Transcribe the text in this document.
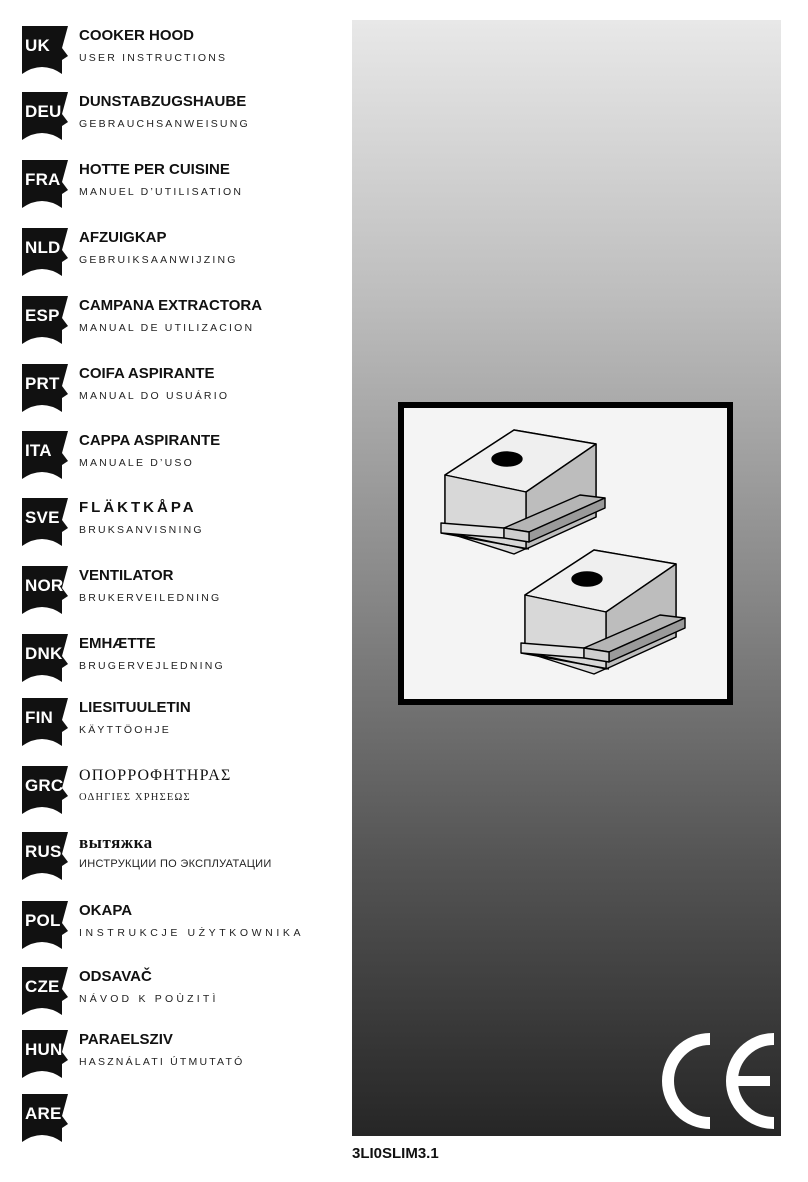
UK
COOKER HOOD
USER INSTRUCTIONS
DEU
DUNSTABZUGSHAUBE
GEBRAUCHSANWEISUNG
FRA
HOTTE PER CUISINE
MANUEL D’UTILISATION
NLD
AFZUIGKAP
GEBRUIKSAANWIJZING
ESP
CAMPANA EXTRACTORA
MANUAL DE UTILIZACION
PRT
COIFA ASPIRANTE
MANUAL DO USUÁRIO
ITA
CAPPA ASPIRANTE
MANUALE D’USO
SVE
FLÄKTKÅPA
BRUKSANVISNING
NOR
VENTILATOR
BRUKERVEILEDNING
DNK
EMHÆTTE
BRUGERVEJLEDNING
FIN
LIESITUULETIN
KÄYTTÖOHJE
GRC
ΟΠΟΡΡΟΦΗΤΗΡΑΣ
ΟΔΗΓΙΕΣ ΧΡΗΣΕΩΣ
RUS вытяжка
ИНСТРУКЦИИ ПО ЭКСПЛУАТАЦИИ
POL
OKAPA
INSTRUKCJE UŻYTKOWNIKA
CZE
ODSAVAČ
NÁVOD K POÙZITÌ
HUN
PARAELSZIV
HASZNÁLATI ÚTMUTATÓ
ARE
3LI0SLIM3.1
